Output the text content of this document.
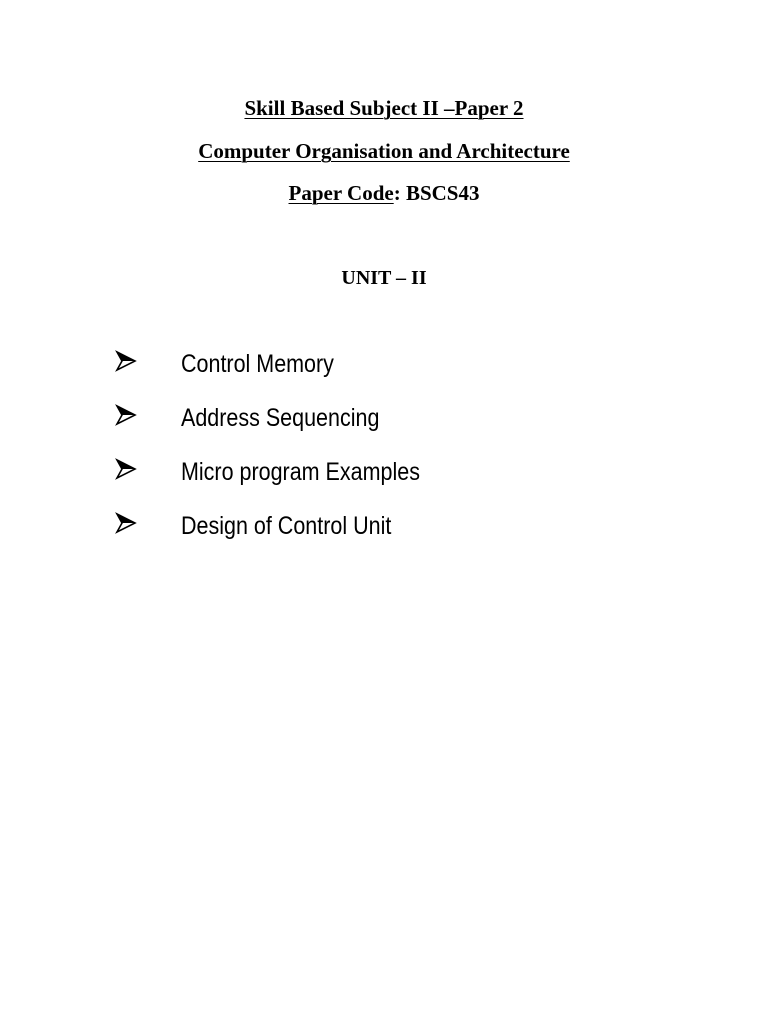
Skill Based Subject II –Paper 2
Computer Organisation and Architecture
Paper Code: BSCS43
UNIT – II
Control Memory
Address Sequencing
Micro program Examples
Design of Control Unit
